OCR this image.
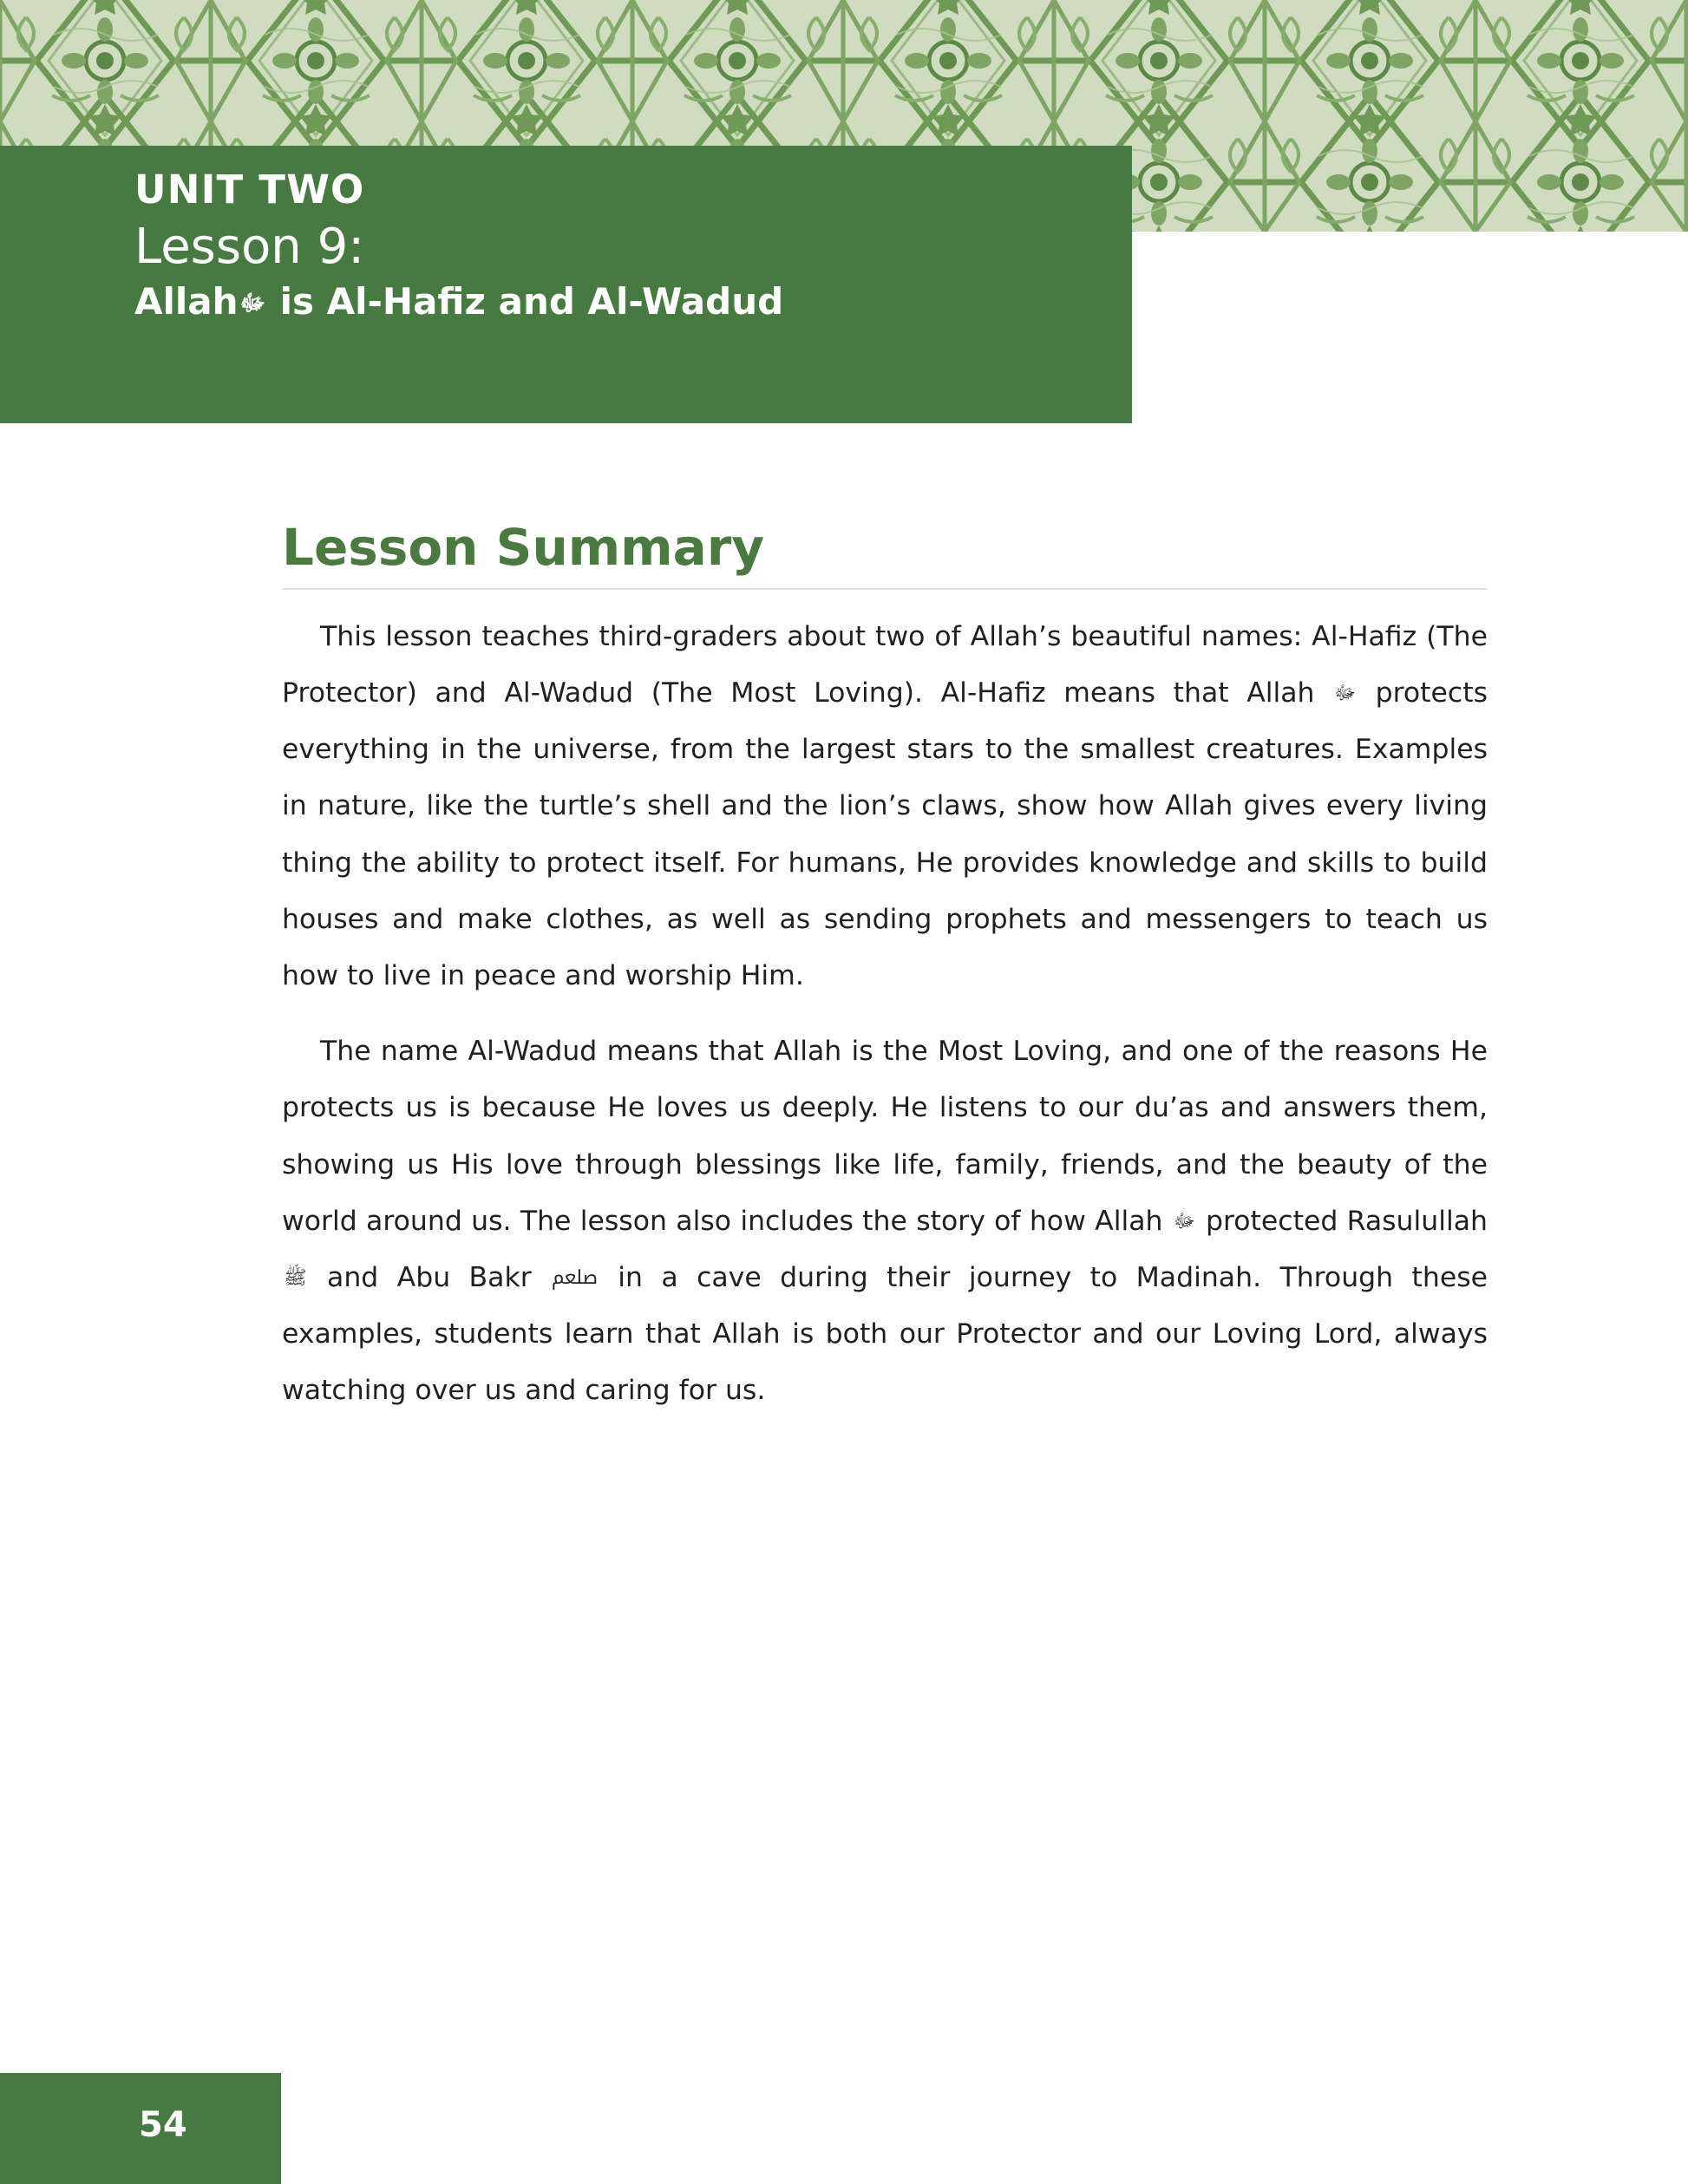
UNIT TWO
Lesson 9:
Allahﷻ is Al-Hafiz and Al-Wadud
Lesson Summary

This lesson teaches third-graders about two of Allah’s beautiful names: Al-Hafiz (The Protector) and Al-Wadud (The Most Loving). Al-Hafiz means that Allah ﷻ protects everything in the universe, from the largest stars to the smallest creatures. Examples in nature, like the turtle’s shell and the lion’s claws, show how Allah gives every living thing the ability to protect itself. For humans, He provides knowledge and skills to build houses and make clothes, as well as sending prophets and messengers to teach us how to live in peace and worship Him.

The name Al-Wadud means that Allah is the Most Loving, and one of the reasons He protects us is because He loves us deeply. He listens to our du’as and answers them, showing us His love through blessings like life, family, friends, and the beauty of the world around us. The lesson also includes the story of how Allah ﷻ protected Rasulullah ﷺ and Abu Bakr ﷵ in a cave during their journey to Madinah. Through these examples, students learn that Allah is both our Protector and our Loving Lord, always watching over us and caring for us.

54
